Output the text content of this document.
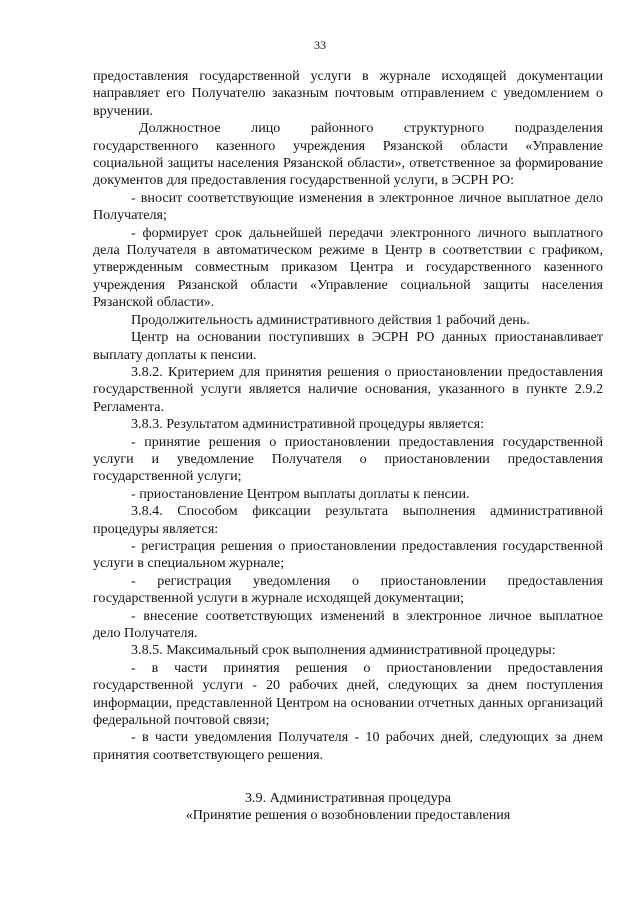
33

предоставления государственной услуги в журнале исходящей документации направляет его Получателю заказным почтовым отправлением с уведомлением о вручении.

Должностное лицо районного структурного подразделения государственного казенного учреждения Рязанской области «Управление социальной защиты населения Рязанской области», ответственное за формирование документов для предоставления государственной услуги, в ЭСРН РО:

- вносит соответствующие изменения в электронное личное выплатное дело Получателя;

- формирует срок дальнейшей передачи электронного личного выплатного дела Получателя в автоматическом режиме в Центр в соответствии с графиком, утвержденным совместным приказом Центра и государственного казенного учреждения Рязанской области «Управление социальной защиты населения Рязанской области».

Продолжительность административного действия 1 рабочий день.

Центр на основании поступивших в ЭСРН РО данных приостанавливает выплату доплаты к пенсии.

3.8.2. Критерием для принятия решения о приостановлении предоставления государственной услуги является наличие основания, указанного в пункте 2.9.2 Регламента.

3.8.3. Результатом административной процедуры является:

- принятие решения о приостановлении предоставления государственной услуги и уведомление Получателя о приостановлении предоставления государственной услуги;

- приостановление Центром выплаты доплаты к пенсии.

3.8.4. Способом фиксации результата выполнения административной процедуры является:

- регистрация решения о приостановлении предоставления государственной услуги в специальном журнале;

- регистрация уведомления о приостановлении предоставления государственной услуги в журнале исходящей документации;

- внесение соответствующих изменений в электронное личное выплатное дело Получателя.

3.8.5. Максимальный срок выполнения административной процедуры:

- в части принятия решения о приостановлении предоставления государственной услуги - 20 рабочих дней, следующих за днем поступления информации, представленной Центром на основании отчетных данных организаций федеральной почтовой связи;

- в части уведомления Получателя - 10 рабочих дней, следующих за днем принятия соответствующего решения.

3.9. Административная процедура
«Принятие решения о возобновлении предоставления
